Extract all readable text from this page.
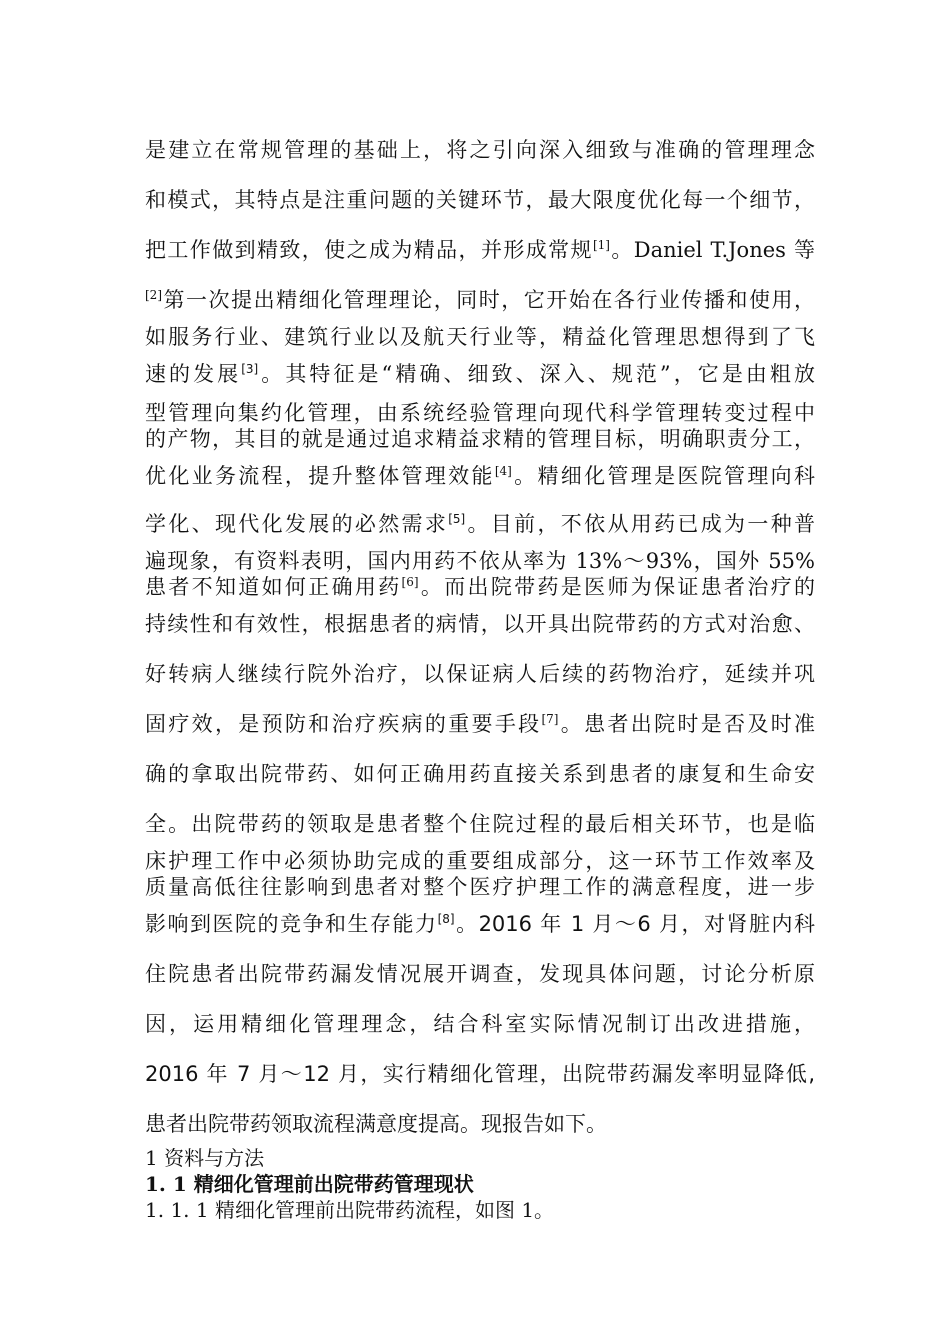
是建立在常规管理的基础上，将之引向深入细致与准确的管理理念
和模式，其特点是注重问题的关键环节，最大限度优化每一个细节，
把工作做到精致，使之成为精品，并形成常规[1]。Daniel T.Jones 等
[2]第一次提出精细化管理理论，同时，它开始在各行业传播和使用，
如服务行业、建筑行业以及航天行业等，精益化管理思想得到了飞
速的发展[3]。其特征是“精确、细致、深入、规范”，它是由粗放
型管理向集约化管理，由系统经验管理向现代科学管理转变过程中
的产物，其目的就是通过追求精益求精的管理目标，明确职责分工，
优化业务流程，提升整体管理效能[4]。精细化管理是医院管理向科
学化、现代化发展的必然需求[5]。目前，不依从用药已成为一种普
遍现象，有资料表明，国内用药不依从率为 13%～93%，国外 55%
患者不知道如何正确用药[6]。而出院带药是医师为保证患者治疗的
持续性和有效性，根据患者的病情，以开具出院带药的方式对治愈、
好转病人继续行院外治疗，以保证病人后续的药物治疗，延续并巩
固疗效，是预防和治疗疾病的重要手段[7]。患者出院时是否及时准
确的拿取出院带药、如何正确用药直接关系到患者的康复和生命安
全。出院带药的领取是患者整个住院过程的最后相关环节，也是临
床护理工作中必须协助完成的重要组成部分，这一环节工作效率及
质量高低往往影响到患者对整个医疗护理工作的满意程度，进一步
影响到医院的竞争和生存能力[8]。2016 年 1 月～6 月，对肾脏内科
住院患者出院带药漏发情况展开调查，发现具体问题，讨论分析原
因，运用精细化管理理念，结合科室实际情况制订出改进措施，
2016 年 7 月～12 月，实行精细化管理，出院带药漏发率明显降低,
患者出院带药领取流程满意度提高。现报告如下。
1 资料与方法
1. 1 精细化管理前出院带药管理现状
1. 1. 1 精细化管理前出院带药流程，如图 1。
